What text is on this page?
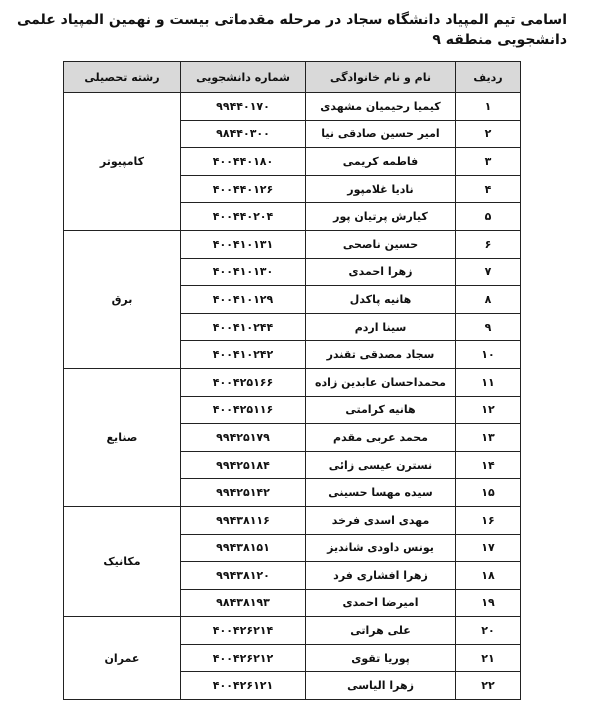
اسامی تیم المپیاد دانشگاه سجاد در مرحله مقدماتی بیست و نهمین المپیاد علمی دانشجویی منطقه ۹
ردیف	نام و نام خانوادگی	شماره دانشجویی	رشته تحصیلی
۱	کیمیا رحیمیان مشهدی	۹۹۴۴۰۱۷۰	کامپیوتر
۲	امیر حسین صادقی نیا	۹۸۴۴۰۳۰۰	
۳	فاطمه کریمی	۴۰۰۴۴۰۱۸۰	
۴	نادیا غلامپور	۴۰۰۴۴۰۱۲۶	
۵	کیارش پرتیان پور	۴۰۰۴۴۰۲۰۴	
۶	حسین ناصحی	۴۰۰۴۱۰۱۳۱	برق
۷	زهرا احمدی	۴۰۰۴۱۰۱۳۰	
۸	هانیه پاکدل	۴۰۰۴۱۰۱۲۹	
۹	سینا اردم	۴۰۰۴۱۰۲۴۴	
۱۰	سجاد مصدقی تقندر	۴۰۰۴۱۰۲۴۲	
۱۱	محمداحسان عابدین زاده	۴۰۰۴۲۵۱۶۶	صنایع
۱۲	هانیه کرامتی	۴۰۰۴۲۵۱۱۶	
۱۳	محمد عربی مقدم	۹۹۴۲۵۱۷۹	
۱۴	نسترن عیسی زائی	۹۹۴۲۵۱۸۴	
۱۵	سیده مهسا حسینی	۹۹۴۲۵۱۴۲	
۱۶	مهدی اسدی فرخد	۹۹۴۳۸۱۱۶	مکانیک
۱۷	یونس داودی شاندیز	۹۹۴۳۸۱۵۱	
۱۸	زهرا افشاری فرد	۹۹۴۳۸۱۲۰	
۱۹	امیرضا احمدی	۹۸۴۳۸۱۹۳	
۲۰	علی هراتی	۴۰۰۴۲۶۲۱۴	عمران
۲۱	پوریا تقوی	۴۰۰۴۲۶۲۱۲	
۲۲	زهرا الیاسی	۴۰۰۴۲۶۱۲۱	
